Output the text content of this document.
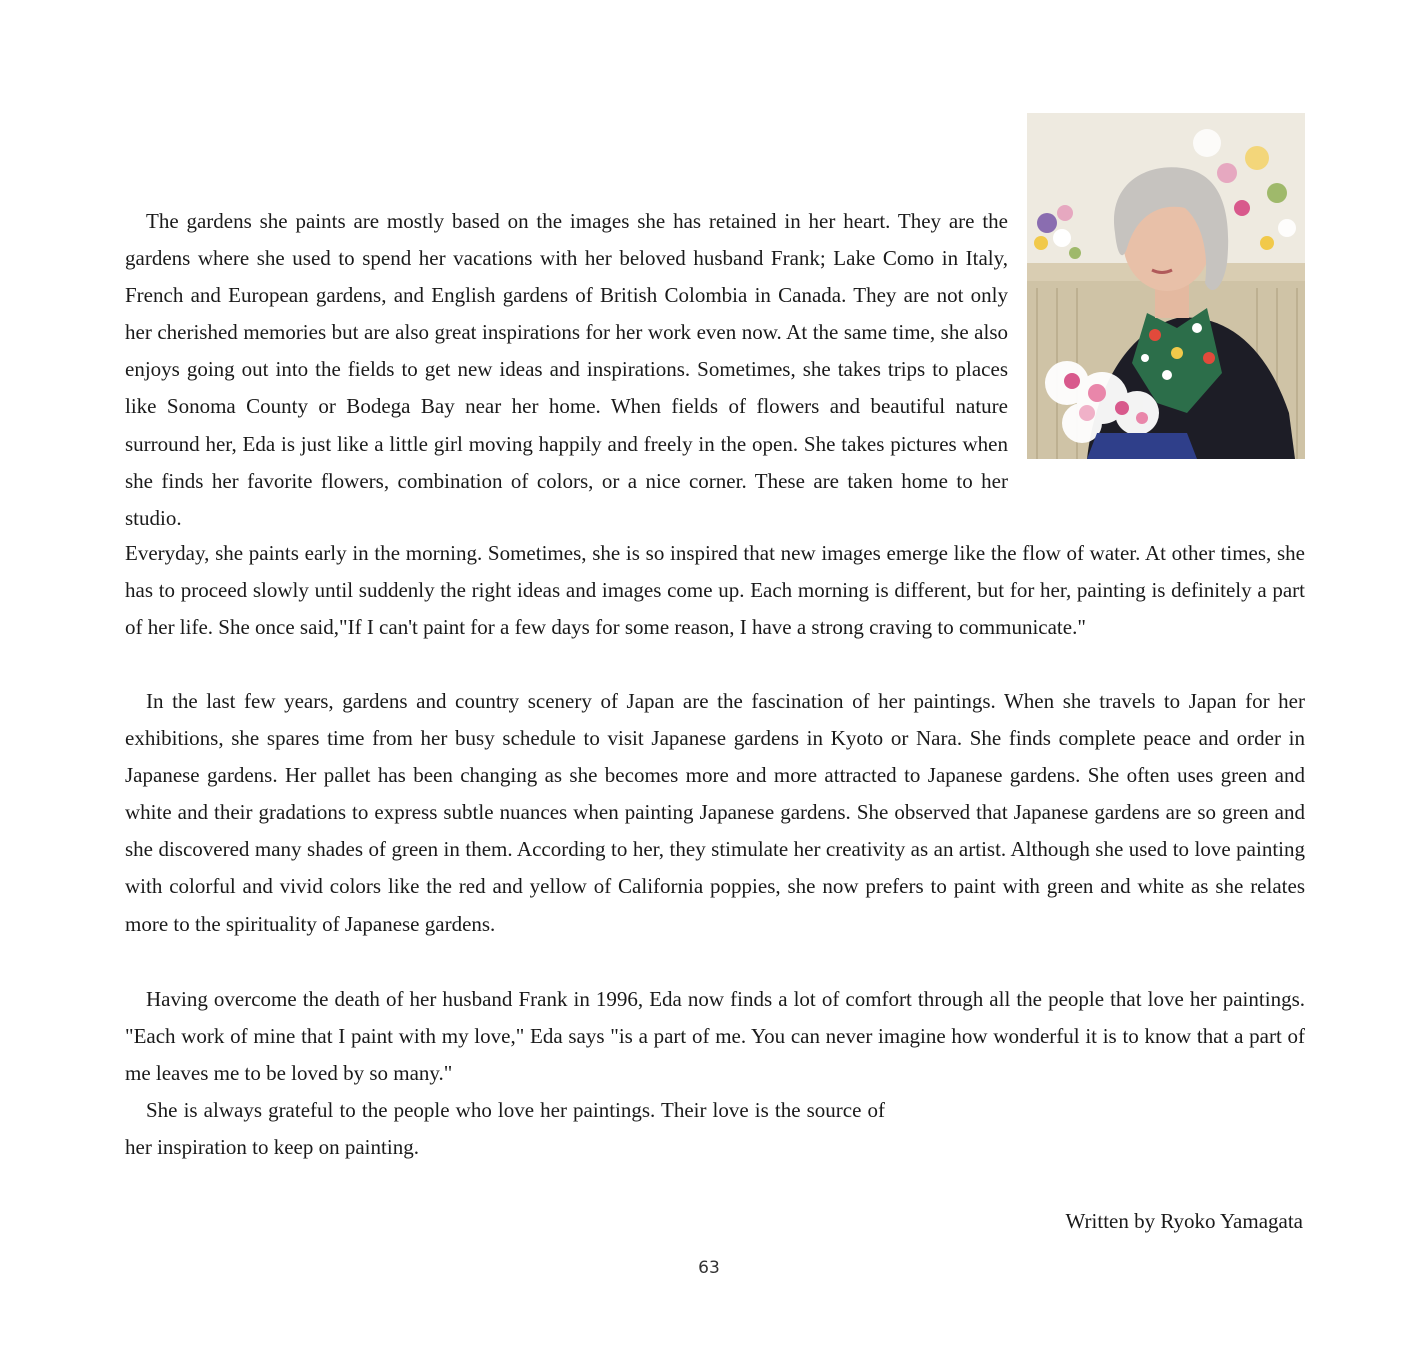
The gardens she paints are mostly based on the images she has retained in her heart. They are the gardens where she used to spend her vacations with her beloved husband Frank; Lake Como in Italy, French and European gardens, and English gardens of British Colombia in Canada. They are not only her cherished memories but are also great inspirations for her work even now. At the same time, she also enjoys going out into the fields to get new ideas and inspirations. Sometimes, she takes trips to places like Sonoma County or Bodega Bay near her home. When fields of flowers and beautiful nature surround her, Eda is just like a little girl moving happily and freely in the open. She takes pictures when she finds her favorite flowers, combination of colors, or a nice corner. These are taken home to her studio.

Everyday, she paints early in the morning. Sometimes, she is so inspired that new images emerge like the flow of water. At other times, she has to proceed slowly until suddenly the right ideas and images come up. Each morning is different, but for her, painting is definitely a part of her life. She once said,"If I can't paint for a few days for some reason, I have a strong craving to communicate."

In the last few years, gardens and country scenery of Japan are the fascination of her paintings. When she travels to Japan for her exhibitions, she spares time from her busy schedule to visit Japanese gardens in Kyoto or Nara. She finds complete peace and order in Japanese gardens. Her pallet has been changing as she becomes more and more attracted to Japanese gardens. She often uses green and white and their gradations to express subtle nuances when painting Japanese gardens. She observed that Japanese gardens are so green and she discovered many shades of green in them. According to her, they stimulate her creativity as an artist. Although she used to love painting with colorful and vivid colors like the red and yellow of California poppies, she now prefers to paint with green and white as she relates more to the spirituality of Japanese gardens.

Having overcome the death of her husband Frank in 1996, Eda now finds a lot of comfort through all the people that love her paintings. "Each work of mine that I paint with my love," Eda says "is a part of me. You can never imagine how wonderful it is to know that a part of me leaves me to be loved by so many."

She is always grateful to the people who love her paintings. Their love is the source of her inspiration to keep on painting.

Written by Ryoko Yamagata

63
